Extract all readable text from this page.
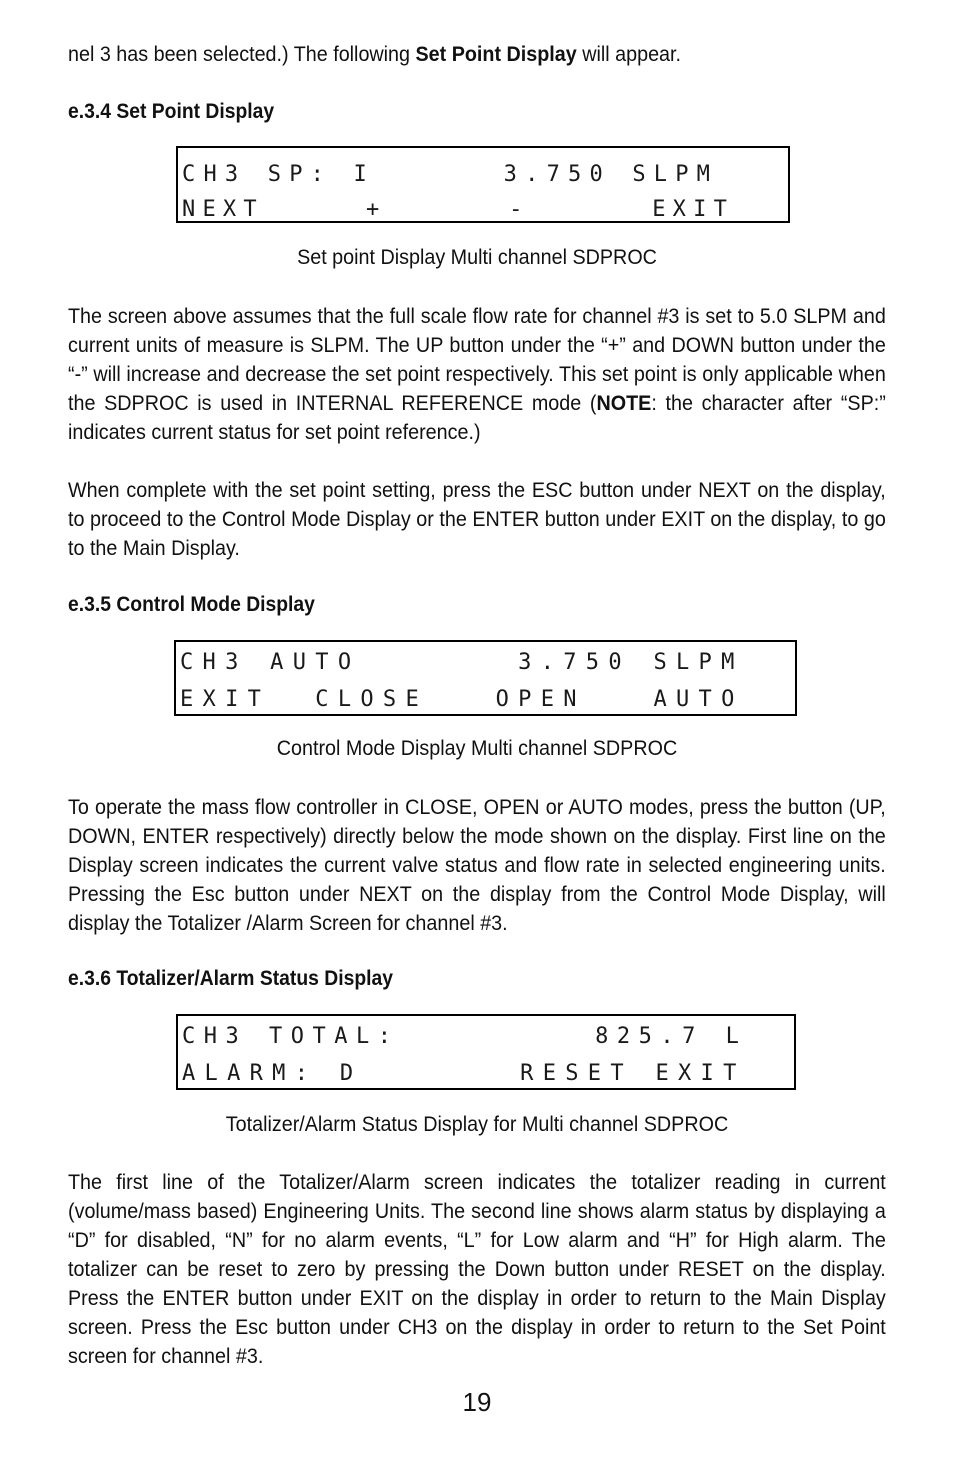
nel 3 has been selected.) The following Set Point Display will appear.

e.3.4 Set Point Display
CH3 SP: I      3.750 SLPM
NEXT     +      -      EXIT

Set point Display Multi channel SDPROC

The screen above assumes that the full scale flow rate for channel #3 is set to 5.0 SLPM and current units of measure is SLPM. The UP button under the “+” and DOWN button under the “-” will increase and decrease the set point respectively. This set point is only applicable when the SDPROC is used in INTERNAL REFERENCE mode (NOTE: the character after “SP:” indicates current status for set point reference.)

When complete with the set point setting, press the ESC button under NEXT on the display, to proceed to the Control Mode Display or the ENTER button under EXIT on the display, to go to the Main Display.

e.3.5 Control Mode Display
CH3 AUTO       3.750 SLPM
EXIT  CLOSE   OPEN   AUTO

Control Mode Display Multi channel SDPROC

To operate the mass flow controller in CLOSE, OPEN or AUTO modes, press the button (UP, DOWN, ENTER respectively) directly below the mode shown on the display. First line on the Display screen indicates the current valve status and flow rate in selected engineering units. Pressing the Esc button under NEXT on the display from the Control Mode Display, will display the Totalizer /Alarm Screen for channel #3.

e.3.6 Totalizer/Alarm Status Display
CH3 TOTAL:         825.7 L
ALARM: D       RESET EXIT

Totalizer/Alarm Status Display for Multi channel SDPROC

The first line of the Totalizer/Alarm screen indicates the totalizer reading in current (volume/mass based) Engineering Units. The second line shows alarm status by displaying a “D” for disabled, “N” for no alarm events, “L” for Low alarm and “H” for High alarm. The totalizer can be reset to zero by pressing the Down button under RESET on the display. Press the ENTER button under EXIT on the display in order to return to the Main Display screen. Press the Esc button under CH3 on the display in order to return to the Set Point screen for channel #3.

19
